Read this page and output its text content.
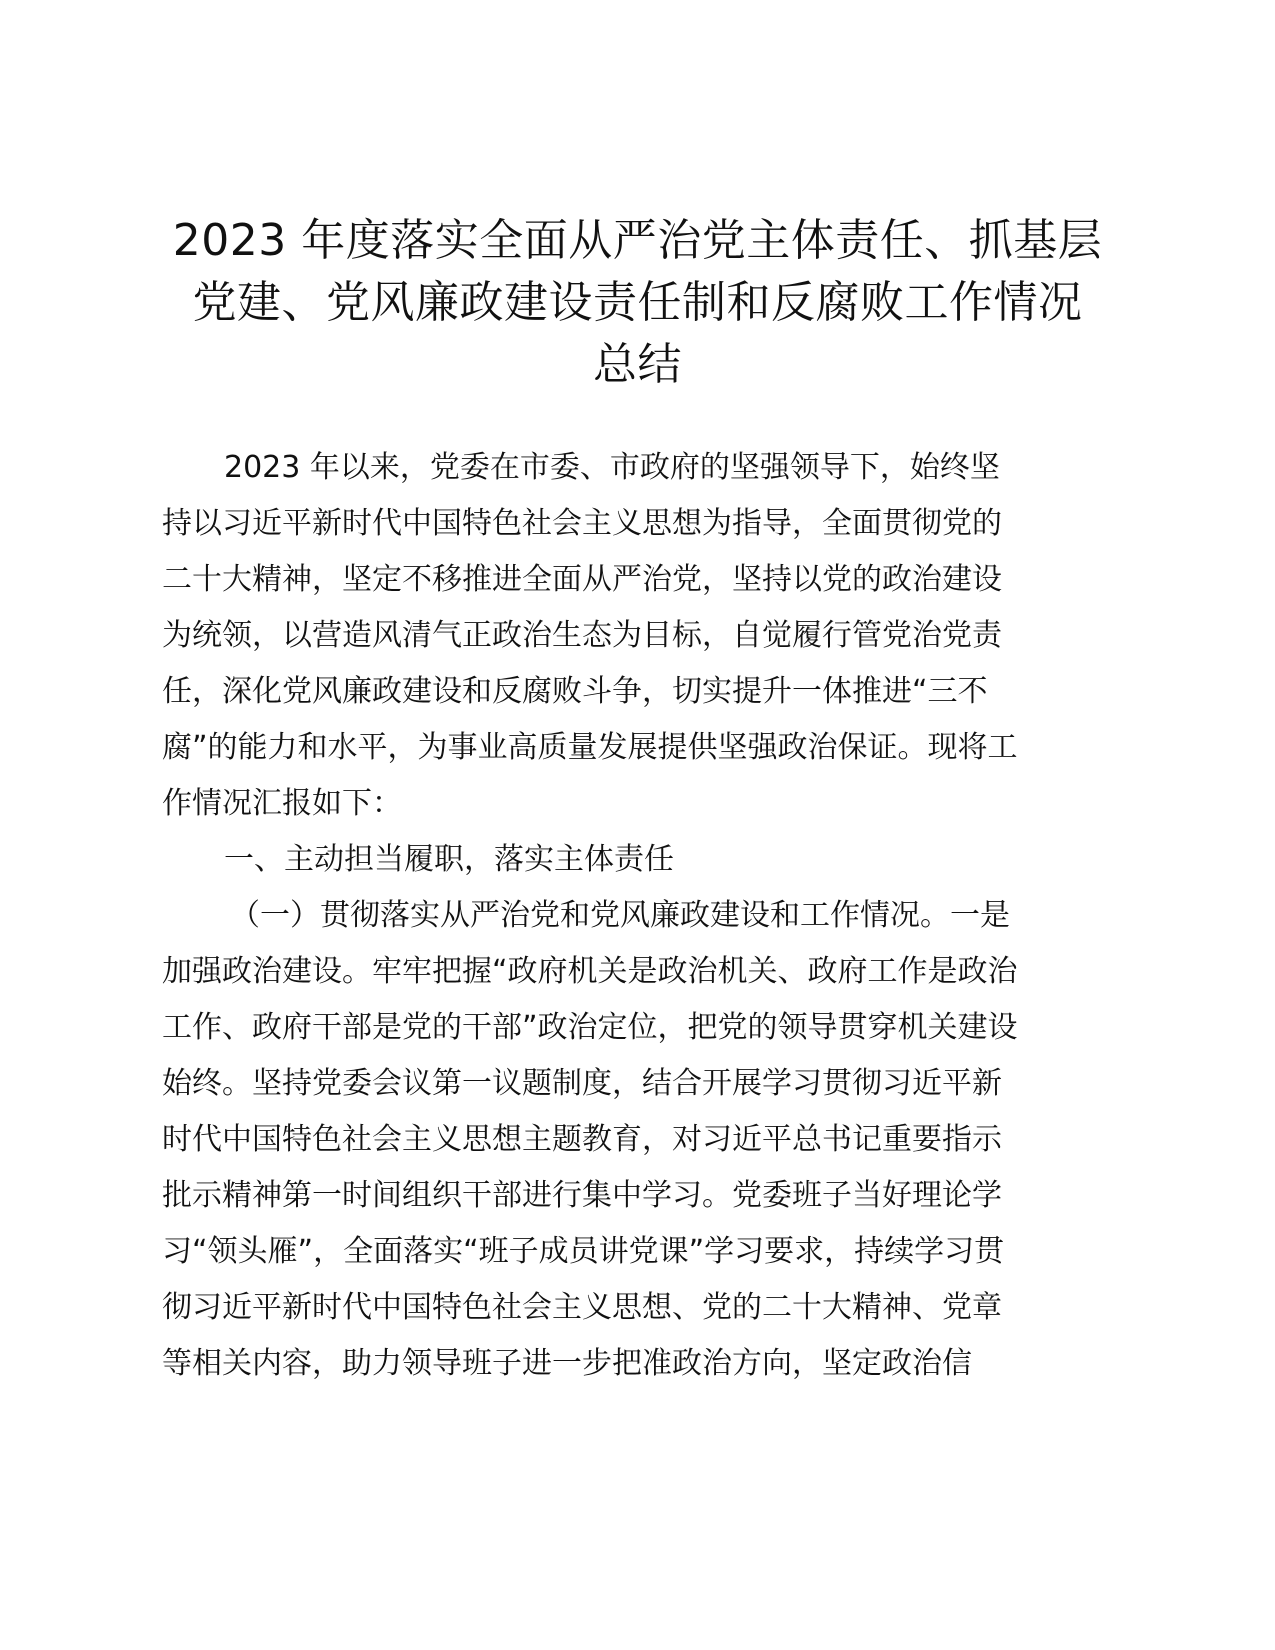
2023 年度落实全面从严治党主体责任、抓基层
党建、党风廉政建设责任制和反腐败工作情况
总结
2023 年以来，党委在市委、市政府的坚强领导下，始终坚
持以习近平新时代中国特色社会主义思想为指导，全面贯彻党的
二十大精神，坚定不移推进全面从严治党，坚持以党的政治建设
为统领，以营造风清气正政治生态为目标，自觉履行管党治党责
任，深化党风廉政建设和反腐败斗争，切实提升一体推进“三不
腐”的能力和水平，为事业高质量发展提供坚强政治保证。现将工
作情况汇报如下：
一、主动担当履职，落实主体责任
（一）贯彻落实从严治党和党风廉政建设和工作情况。一是
加强政治建设。牢牢把握“政府机关是政治机关、政府工作是政治
工作、政府干部是党的干部”政治定位，把党的领导贯穿机关建设
始终。坚持党委会议第一议题制度，结合开展学习贯彻习近平新
时代中国特色社会主义思想主题教育，对习近平总书记重要指示
批示精神第一时间组织干部进行集中学习。党委班子当好理论学
习“领头雁”，全面落实“班子成员讲党课”学习要求，持续学习贯
彻习近平新时代中国特色社会主义思想、党的二十大精神、党章
等相关内容，助力领导班子进一步把准政治方向，坚定政治信
